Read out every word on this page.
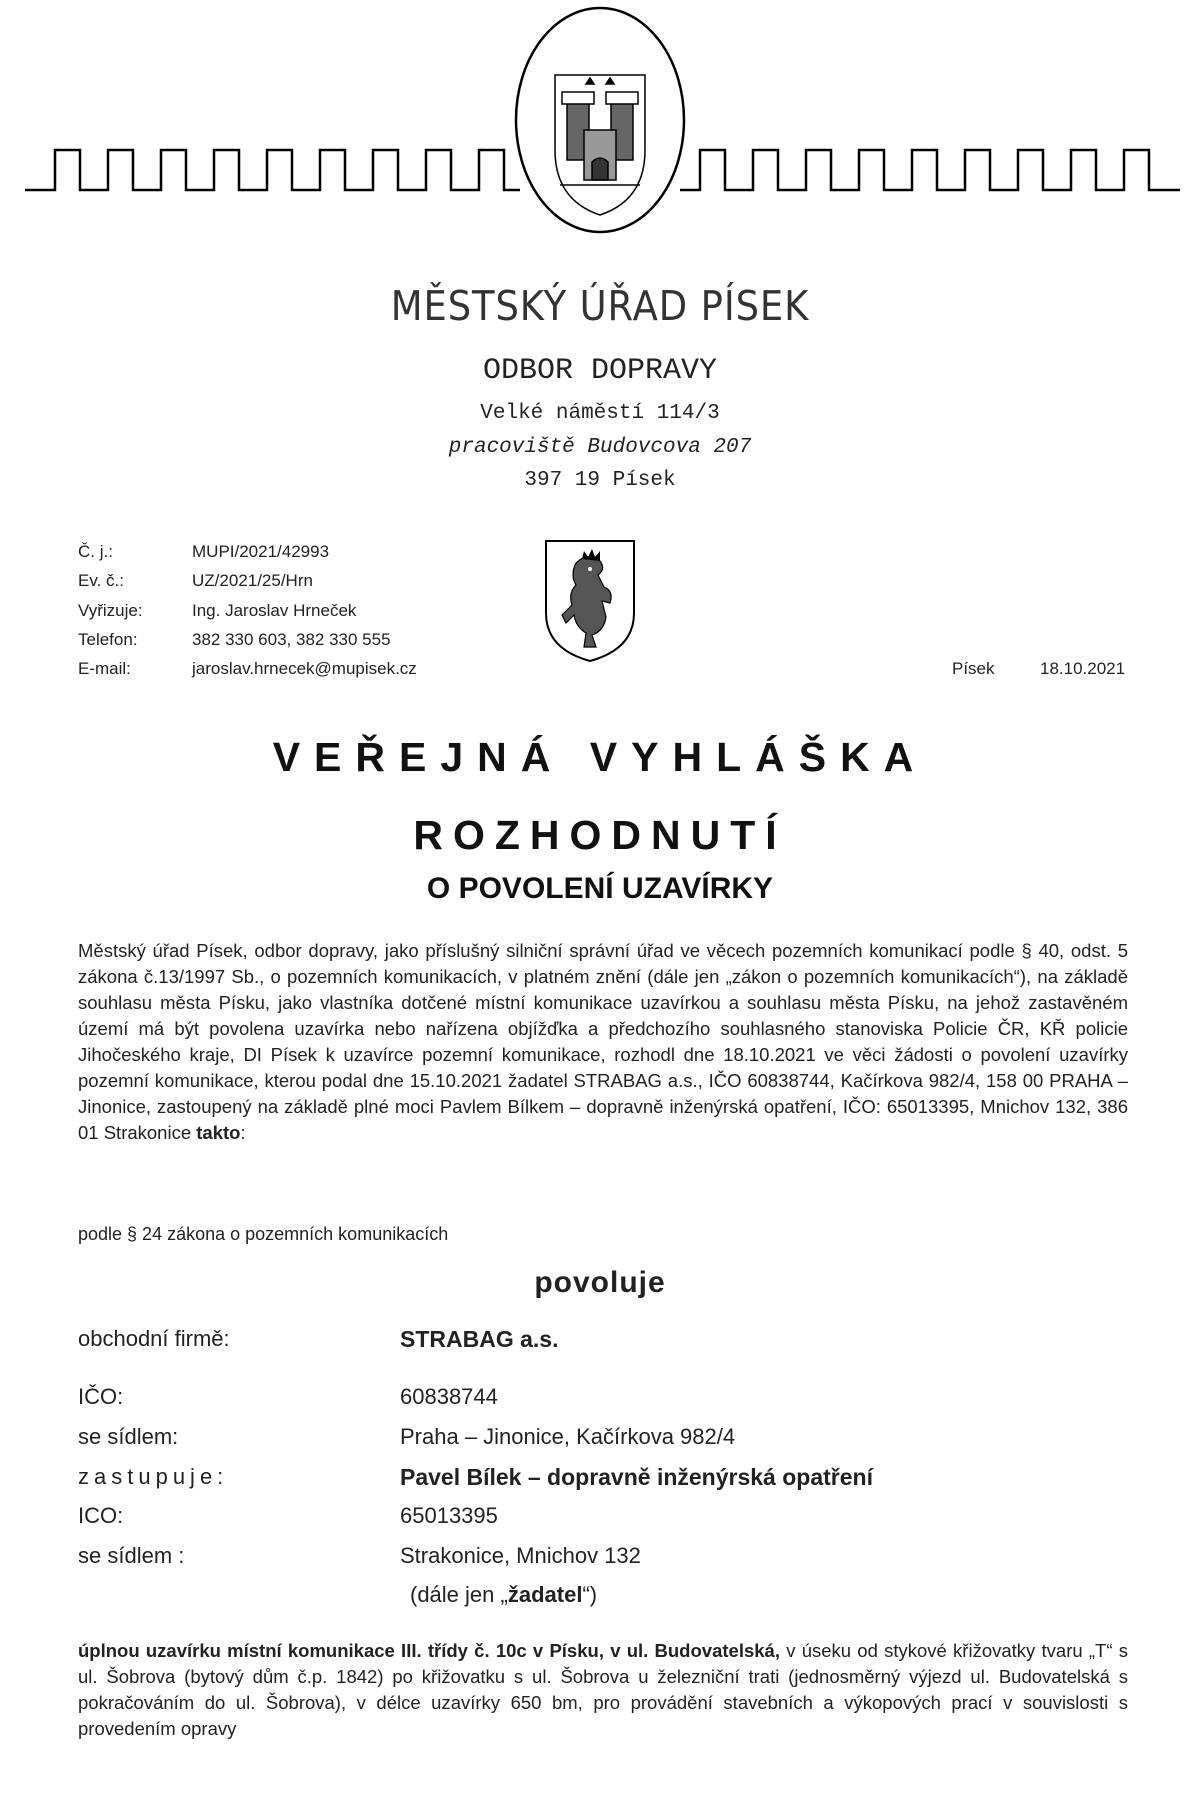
MĚSTSKÝ ÚŘAD PÍSEK
ODBOR DOPRAVY
Velké náměstí 114/3
pracoviště Budovcova 207
397 19 Písek
Č. j.:	MUPI/2021/42993
Ev. č.:	UZ/2021/25/Hrn
Vyřizuje:	Ing. Jaroslav Hrneček
Telefon:	382 330 603, 382 330 555
E-mail:	jaroslav.hrnecek@mupisek.cz	Písek	18.10.2021
VEŘEJNÁ VYHLÁŠKA
ROZHODNUTÍ
O POVOLENÍ UZAVÍRKY
Městský úřad Písek, odbor dopravy, jako příslušný silniční správní úřad ve věcech pozemních komunikací podle § 40, odst. 5 zákona č.13/1997 Sb., o pozemních komunikacích, v platném znění (dále jen „zákon o pozemních komunikacích“), na základě souhlasu města Písku, jako vlastníka dotčené místní komunikace uzavírkou a souhlasu města Písku, na jehož zastavěném území má být povolena uzavírka nebo nařízena objížďka a předchozího souhlasného stanoviska Policie ČR, KŘ policie Jihočeského kraje, DI Písek k uzavírce pozemní komunikace, rozhodl dne 18.10.2021 ve věci žádosti o povolení uzavírky pozemní komunikace, kterou podal dne 15.10.2021 žadatel STRABAG a.s., IČO 60838744, Kačírkova 982/4, 158 00 PRAHA – Jinonice, zastoupený na základě plné moci Pavlem Bílkem – dopravně inženýrská opatření, IČO: 65013395, Mnichov 132, 386 01 Strakonice takto:
podle § 24 zákona o pozemních komunikacích
povoluje
obchodní firmě:	STRABAG a.s.
IČO:	60838744
se sídlem:	Praha – Jinonice, Kačírkova 982/4
zastupuje:	Pavel Bílek – dopravně inženýrská opatření
ICO:	65013395
se sídlem :	Strakonice, Mnichov 132
(dále jen „žadatel“)
úplnou uzavírku místní komunikace III. třídy č. 10c v Písku, v ul. Budovatelská, v úseku od stykové křižovatky tvaru „T“ s ul. Šobrova (bytový dům č.p. 1842) po křižovatku s ul. Šobrova u železniční trati (jednosměrný výjezd ul. Budovatelská s pokračováním do ul. Šobrova), v délce uzavírky 650 bm, pro provádění stavebních a výkopových prací v souvislosti s provedením opravy
